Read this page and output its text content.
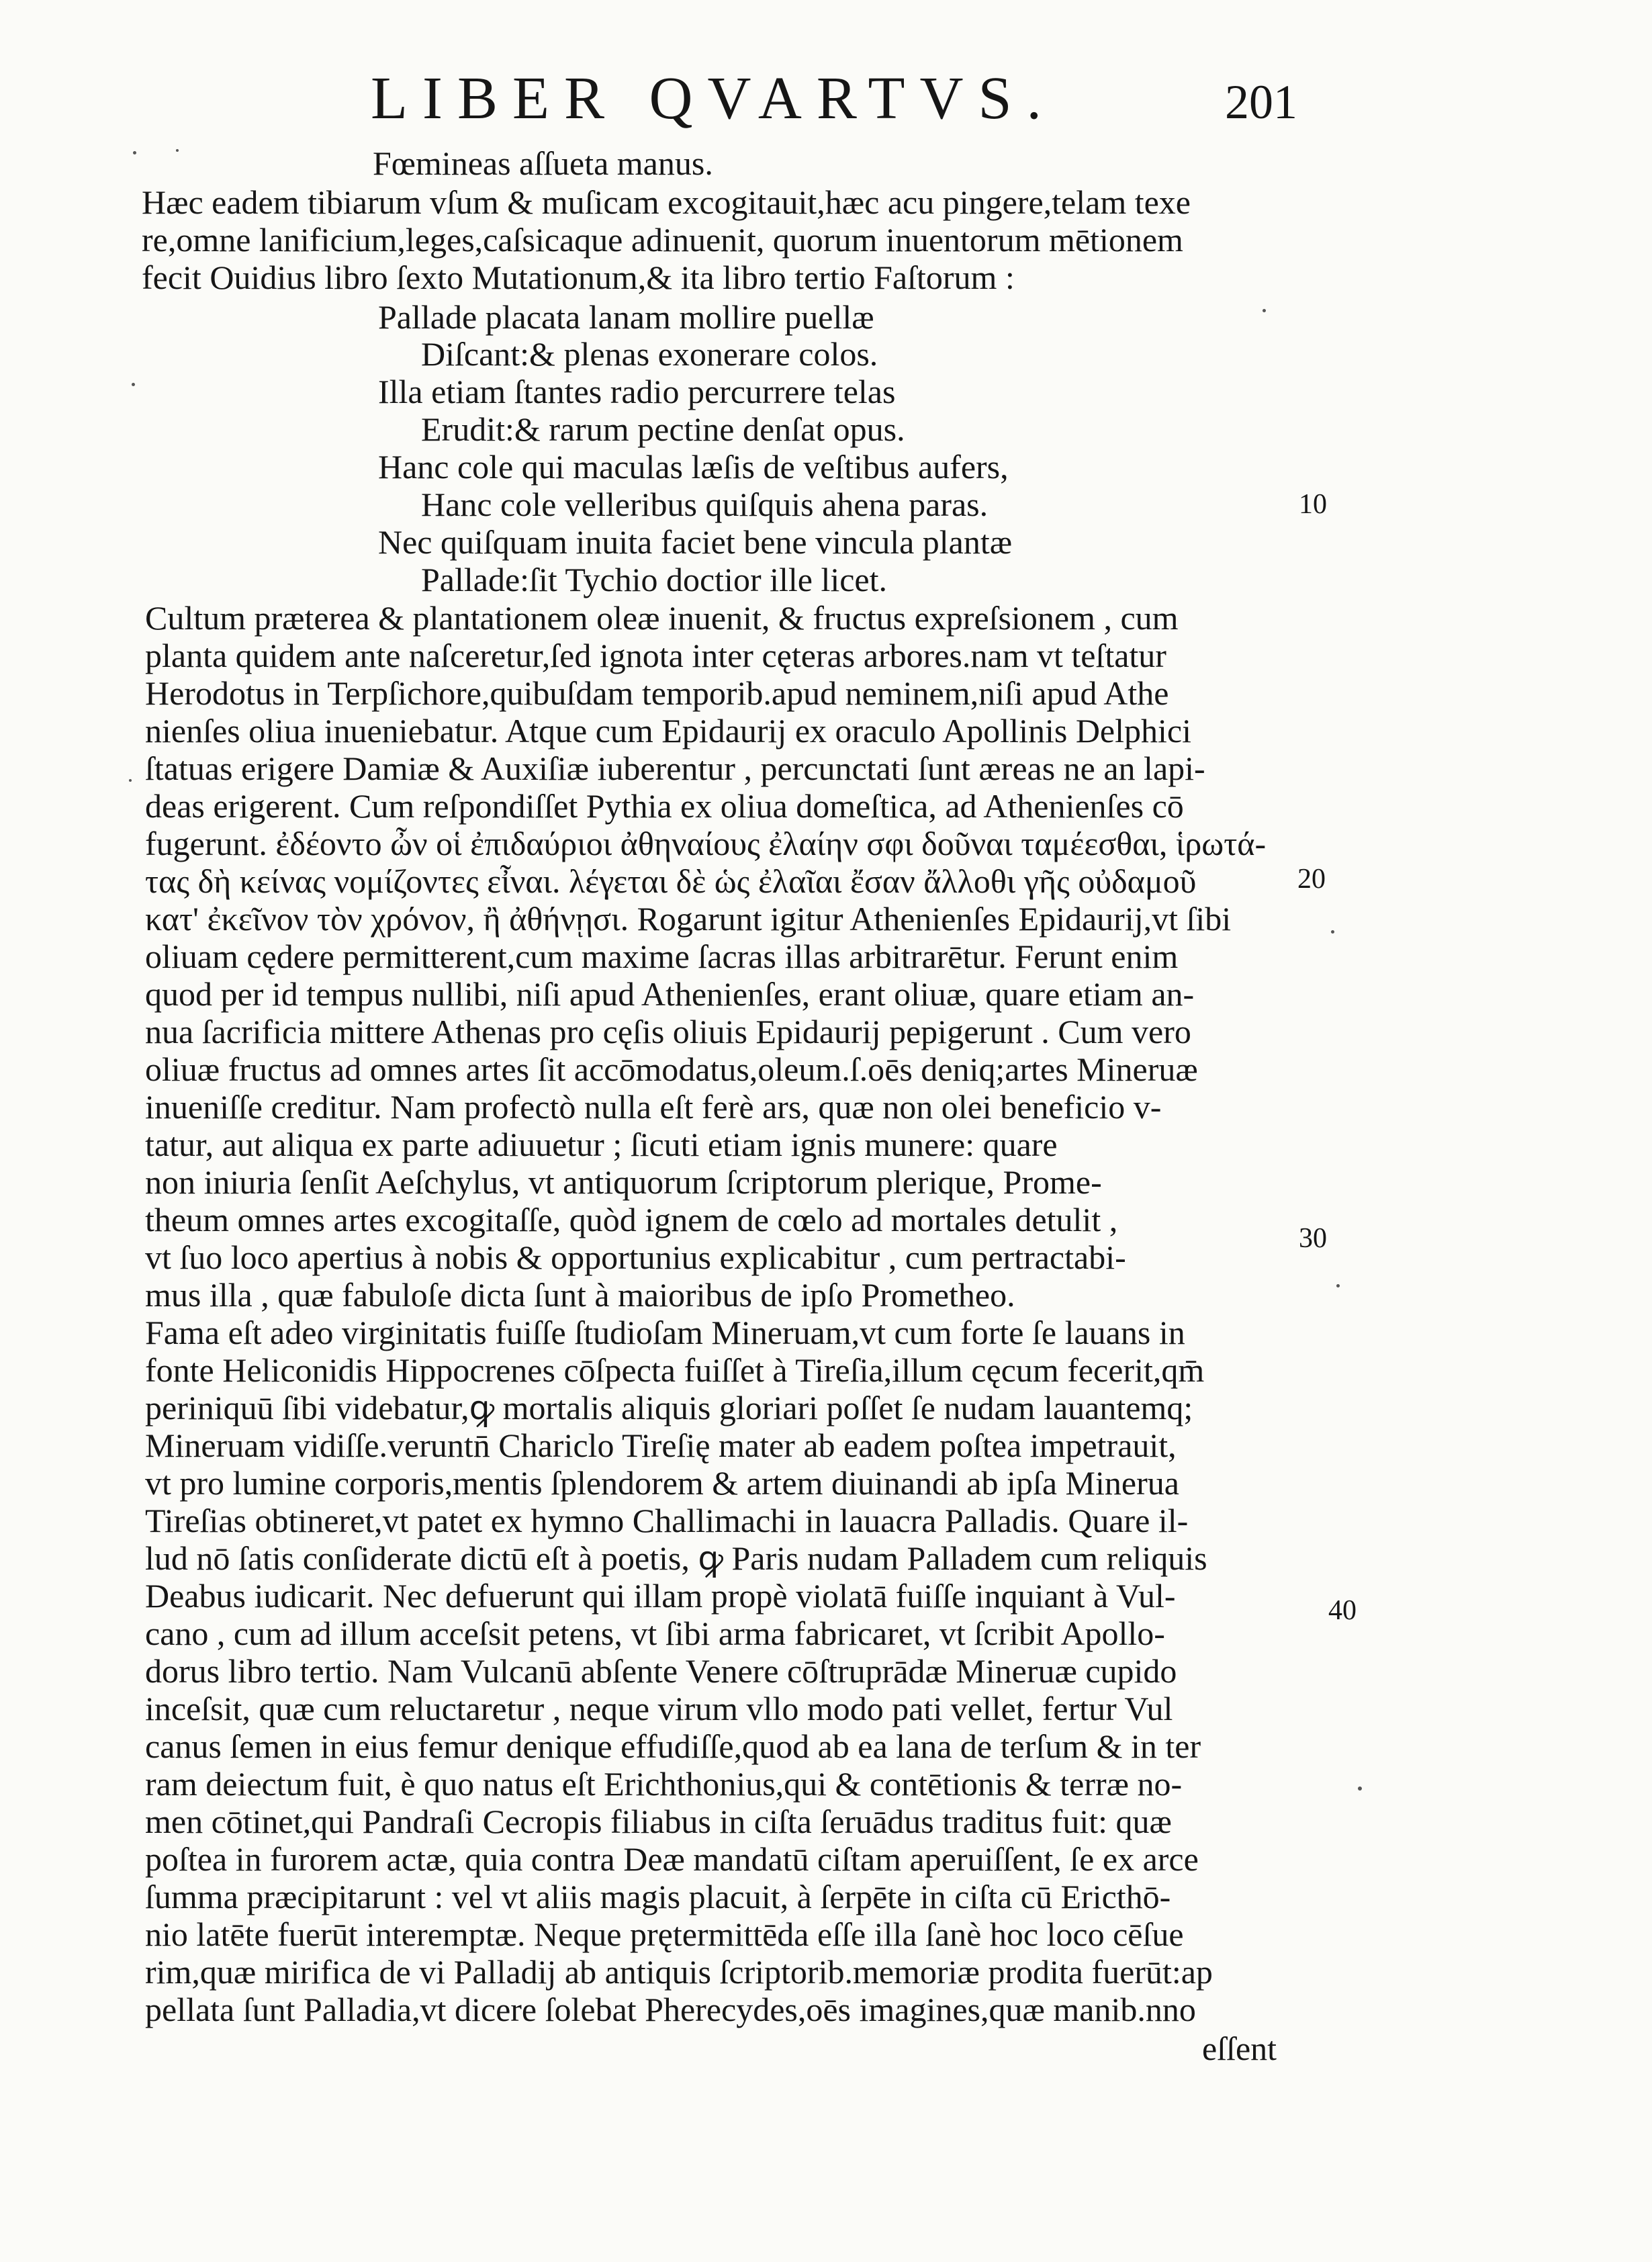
LIBER QVARTVS.	201
Fœmineas aſſueta manus.
Hæc eadem tibiarum vſum & muſicam excogitauit,hæc acu pingere,telam texe
re,omne lanificium,leges,caſsicaque adinuenit, quorum inuentorum mētionem
fecit Ouidius libro ſexto Mutationum,& ita libro tertio Faſtorum :
Pallade placata lanam mollire puellæ
Diſcant:& plenas exonerare colos.
Illa etiam ſtantes radio percurrere telas
Erudit:& rarum pectine denſat opus.
Hanc cole qui maculas læſis de veſtibus aufers,
Hanc cole velleribus quiſquis ahena paras.
Nec quiſquam inuita faciet bene vincula plantæ
Pallade:ſit Tychio doctior ille licet.
Cultum præterea & plantationem oleæ inuenit, & fructus expreſsionem , cum
planta quidem ante naſceretur,ſed ignota inter cęteras arbores.nam vt teſtatur
Herodotus in Terpſichore,quibuſdam temporib.apud neminem,niſi apud Athe
nienſes oliua inueniebatur. Atque cum Epidaurij ex oraculo Apollinis Delphici
ſtatuas erigere Damiæ & Auxiſiæ iuberentur , percunctati ſunt æreas ne an lapi-
deas erigerent. Cum reſpondiſſet Pythia ex oliua domeſtica, ad Athenienſes cō
fugerunt. ἐδέοντο ὦν οἱ ἐπιδαύριοι ἀθηναίους ἐλαίην σφι δοῦναι ταμέεσθαι, ἱρωτά-
τας δὴ κείνας νομίζοντες εἶναι. λέγεται δὲ ὡς ἐλαῖαι ἔσαν ἄλλοθι γῆς οὐδαμοῦ
κατ' ἐκεῖνον τὸν χρόνον, ἢ ἀθήνῃσι. Rogarunt igitur Athenienſes Epidaurij,vt ſibi
oliuam cędere permitterent,cum maxime ſacras illas arbitrarētur. Ferunt enim
quod per id tempus nullibi, niſi apud Athenienſes, erant oliuæ, quare etiam an-
nua ſacrificia mittere Athenas pro cęſis oliuis Epidaurij pepigerunt . Cum vero
oliuæ fructus ad omnes artes ſit accōmodatus,oleum.ſ.oēs deniq;artes Mineruæ
inueniſſe creditur. Nam profectò nulla eſt ferè ars, quæ non olei beneficio v-
tatur, aut aliqua ex parte adiuuetur ; ſicuti etiam ignis munere: quare
non iniuria ſenſit Aeſchylus, vt antiquorum ſcriptorum plerique, Prome-
theum omnes artes excogitaſſe, quòd ignem de cœlo ad mortales detulit ,
vt ſuo loco apertius à nobis & opportunius explicabitur , cum pertractabi-
mus illa , quæ fabuloſe dicta ſunt à maioribus de ipſo Prometheo.
Fama eſt adeo virginitatis fuiſſe ſtudioſam Mineruam,vt cum forte ſe lauans in
fonte Heliconidis Hippocrenes cōſpecta fuiſſet à Tireſia,illum cęcum fecerit,qm̄
periniquū ſibi videbatur,ꝙ mortalis aliquis gloriari poſſet ſe nudam lauantemq;
Mineruam vidiſſe.veruntn̄ Chariclo Tireſię mater ab eadem poſtea impetrauit,
vt pro lumine corporis,mentis ſplendorem & artem diuinandi ab ipſa Minerua
Tireſias obtineret,vt patet ex hymno Challimachi in lauacra Palladis. Quare il-
lud nō ſatis conſiderate dictū eſt à poetis, ꝙ Paris nudam Palladem cum reliquis
Deabus iudicarit. Nec defuerunt qui illam propè violatā fuiſſe inquiant à Vul-
cano , cum ad illum acceſsit petens, vt ſibi arma fabricaret, vt ſcribit Apollo-
dorus libro tertio. Nam Vulcanū abſente Venere cōſtruprādæ Mineruæ cupido
inceſsit, quæ cum reluctaretur , neque virum vllo modo pati vellet, fertur Vul
canus ſemen in eius femur denique effudiſſe,quod ab ea lana de terſum & in ter
ram deiectum fuit, è quo natus eſt Erichthonius,qui & contētionis & terræ no-
men cōtinet,qui Pandraſi Cecropis filiabus in ciſta ſeruādus traditus fuit: quæ
poſtea in furorem actæ, quia contra Deæ mandatū ciſtam aperuiſſent, ſe ex arce
ſumma præcipitarunt : vel vt aliis magis placuit, à ſerpēte in ciſta cū Ericthō-
nio latēte fuerūt interemptæ. Neque prętermittēda eſſe illa ſanè hoc loco cēſue
rim,quæ mirifica de vi Palladij ab antiquis ſcriptorib.memoriæ prodita fuerūt:ap
pellata ſunt Palladia,vt dicere ſolebat Pherecydes,oēs imagines,quæ manib.nno
eſſent
10
20
30
40
